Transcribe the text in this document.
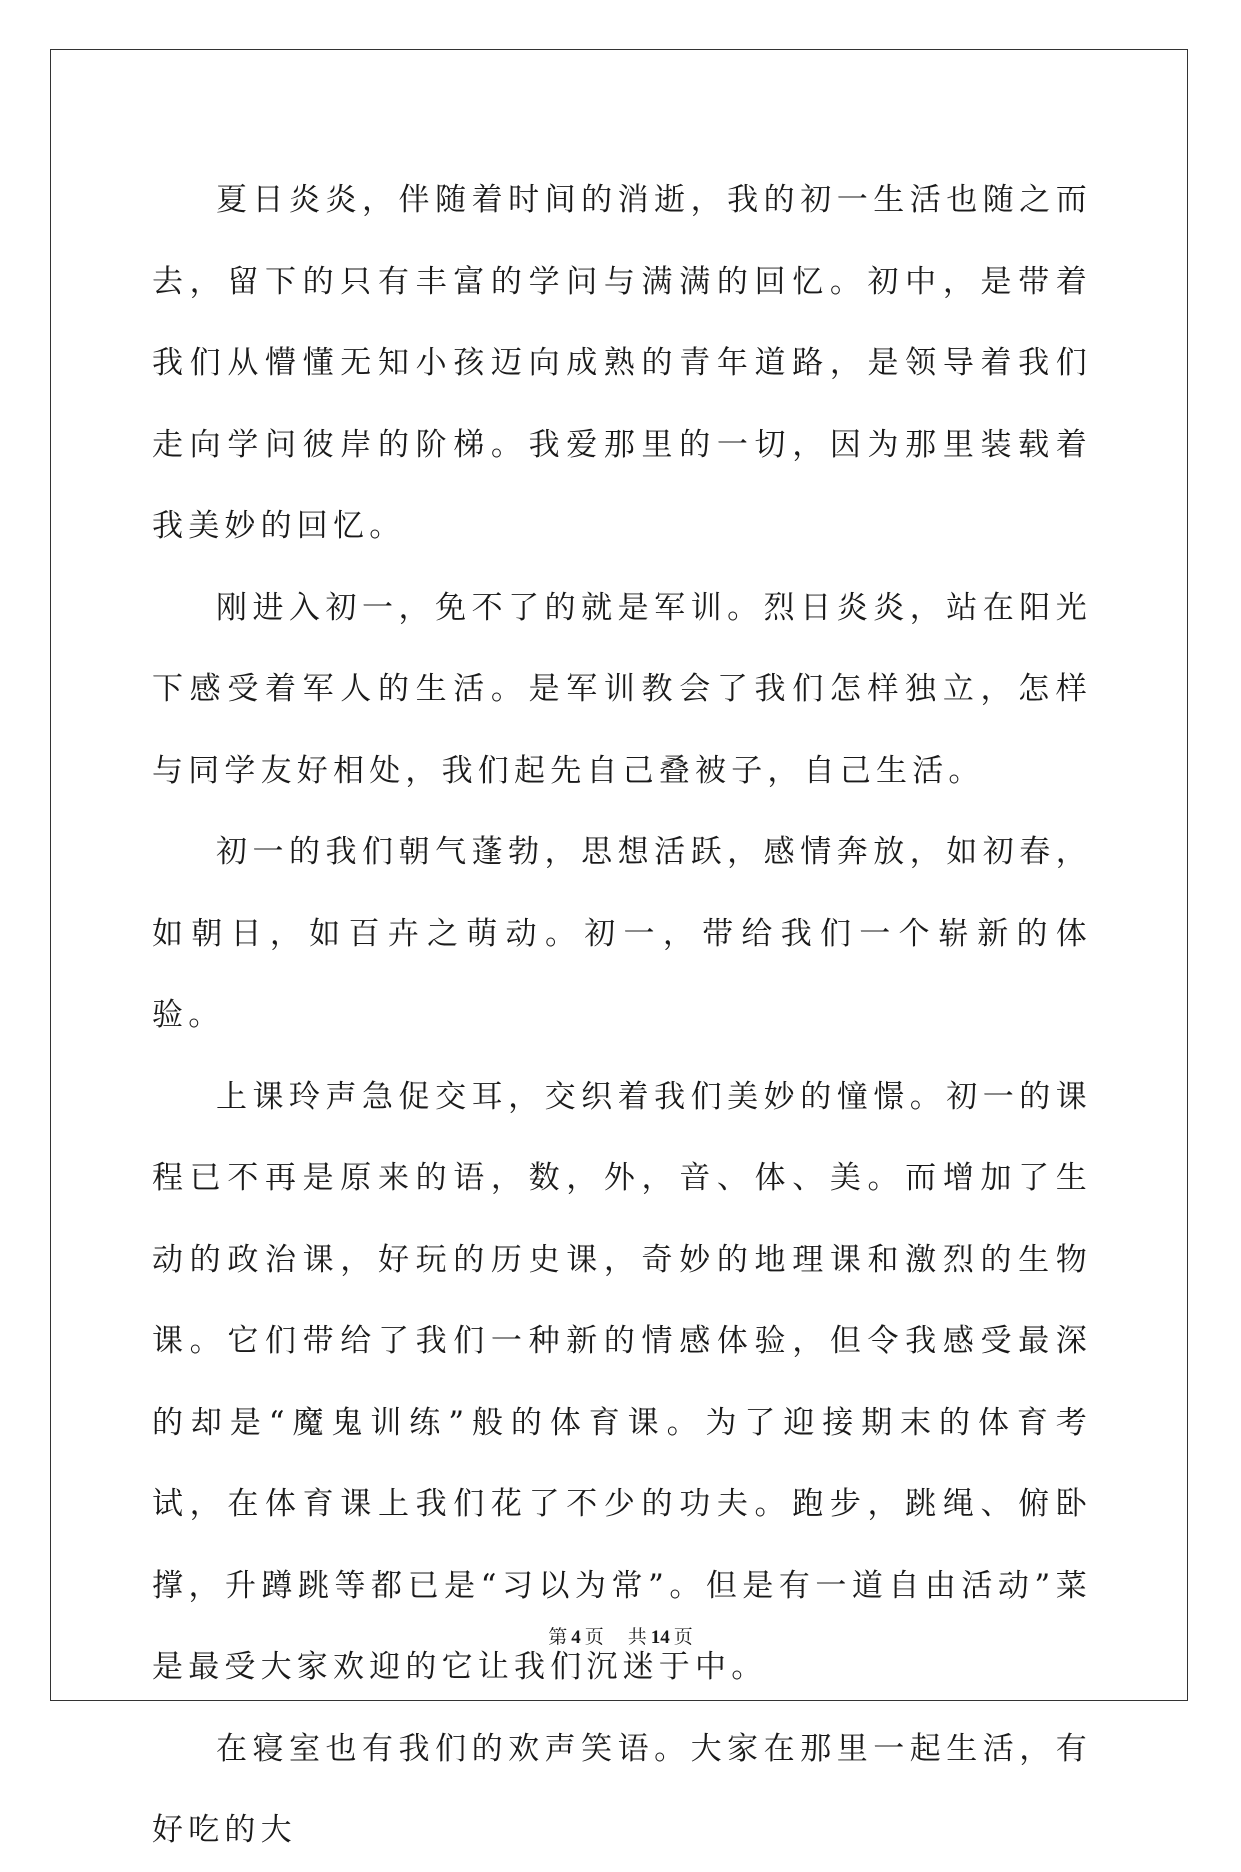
夏日炎炎，伴随着时间的消逝，我的初一生活也随之而去，留下的只有丰富的学问与满满的回忆。初中，是带着我们从懵懂无知小孩迈向成熟的青年道路，是领导着我们走向学问彼岸的阶梯。我爱那里的一切，因为那里装载着我美妙的回忆。

刚进入初一，免不了的就是军训。烈日炎炎，站在阳光下感受着军人的生活。是军训教会了我们怎样独立，怎样与同学友好相处，我们起先自己叠被子，自己生活。

初一的我们朝气蓬勃，思想活跃，感情奔放，如初春，如朝日，如百卉之萌动。初一，带给我们一个崭新的体验。

上课玲声急促交耳，交织着我们美妙的憧憬。初一的课程已不再是原来的语，数，外，音、体、美。而增加了生动的政治课，好玩的历史课，奇妙的地理课和激烈的生物课。它们带给了我们一种新的情感体验，但令我感受最深的却是“魔鬼训练”般的体育课。为了迎接期末的体育考试，在体育课上我们花了不少的功夫。跑步，跳绳、俯卧撑，升蹲跳等都已是“习以为常”。但是有一道自由活动”菜是最受大家欢迎的它让我们沉迷于中。

在寝室也有我们的欢声笑语。大家在那里一起生活，有好吃的大

第 4 页 共 14 页
